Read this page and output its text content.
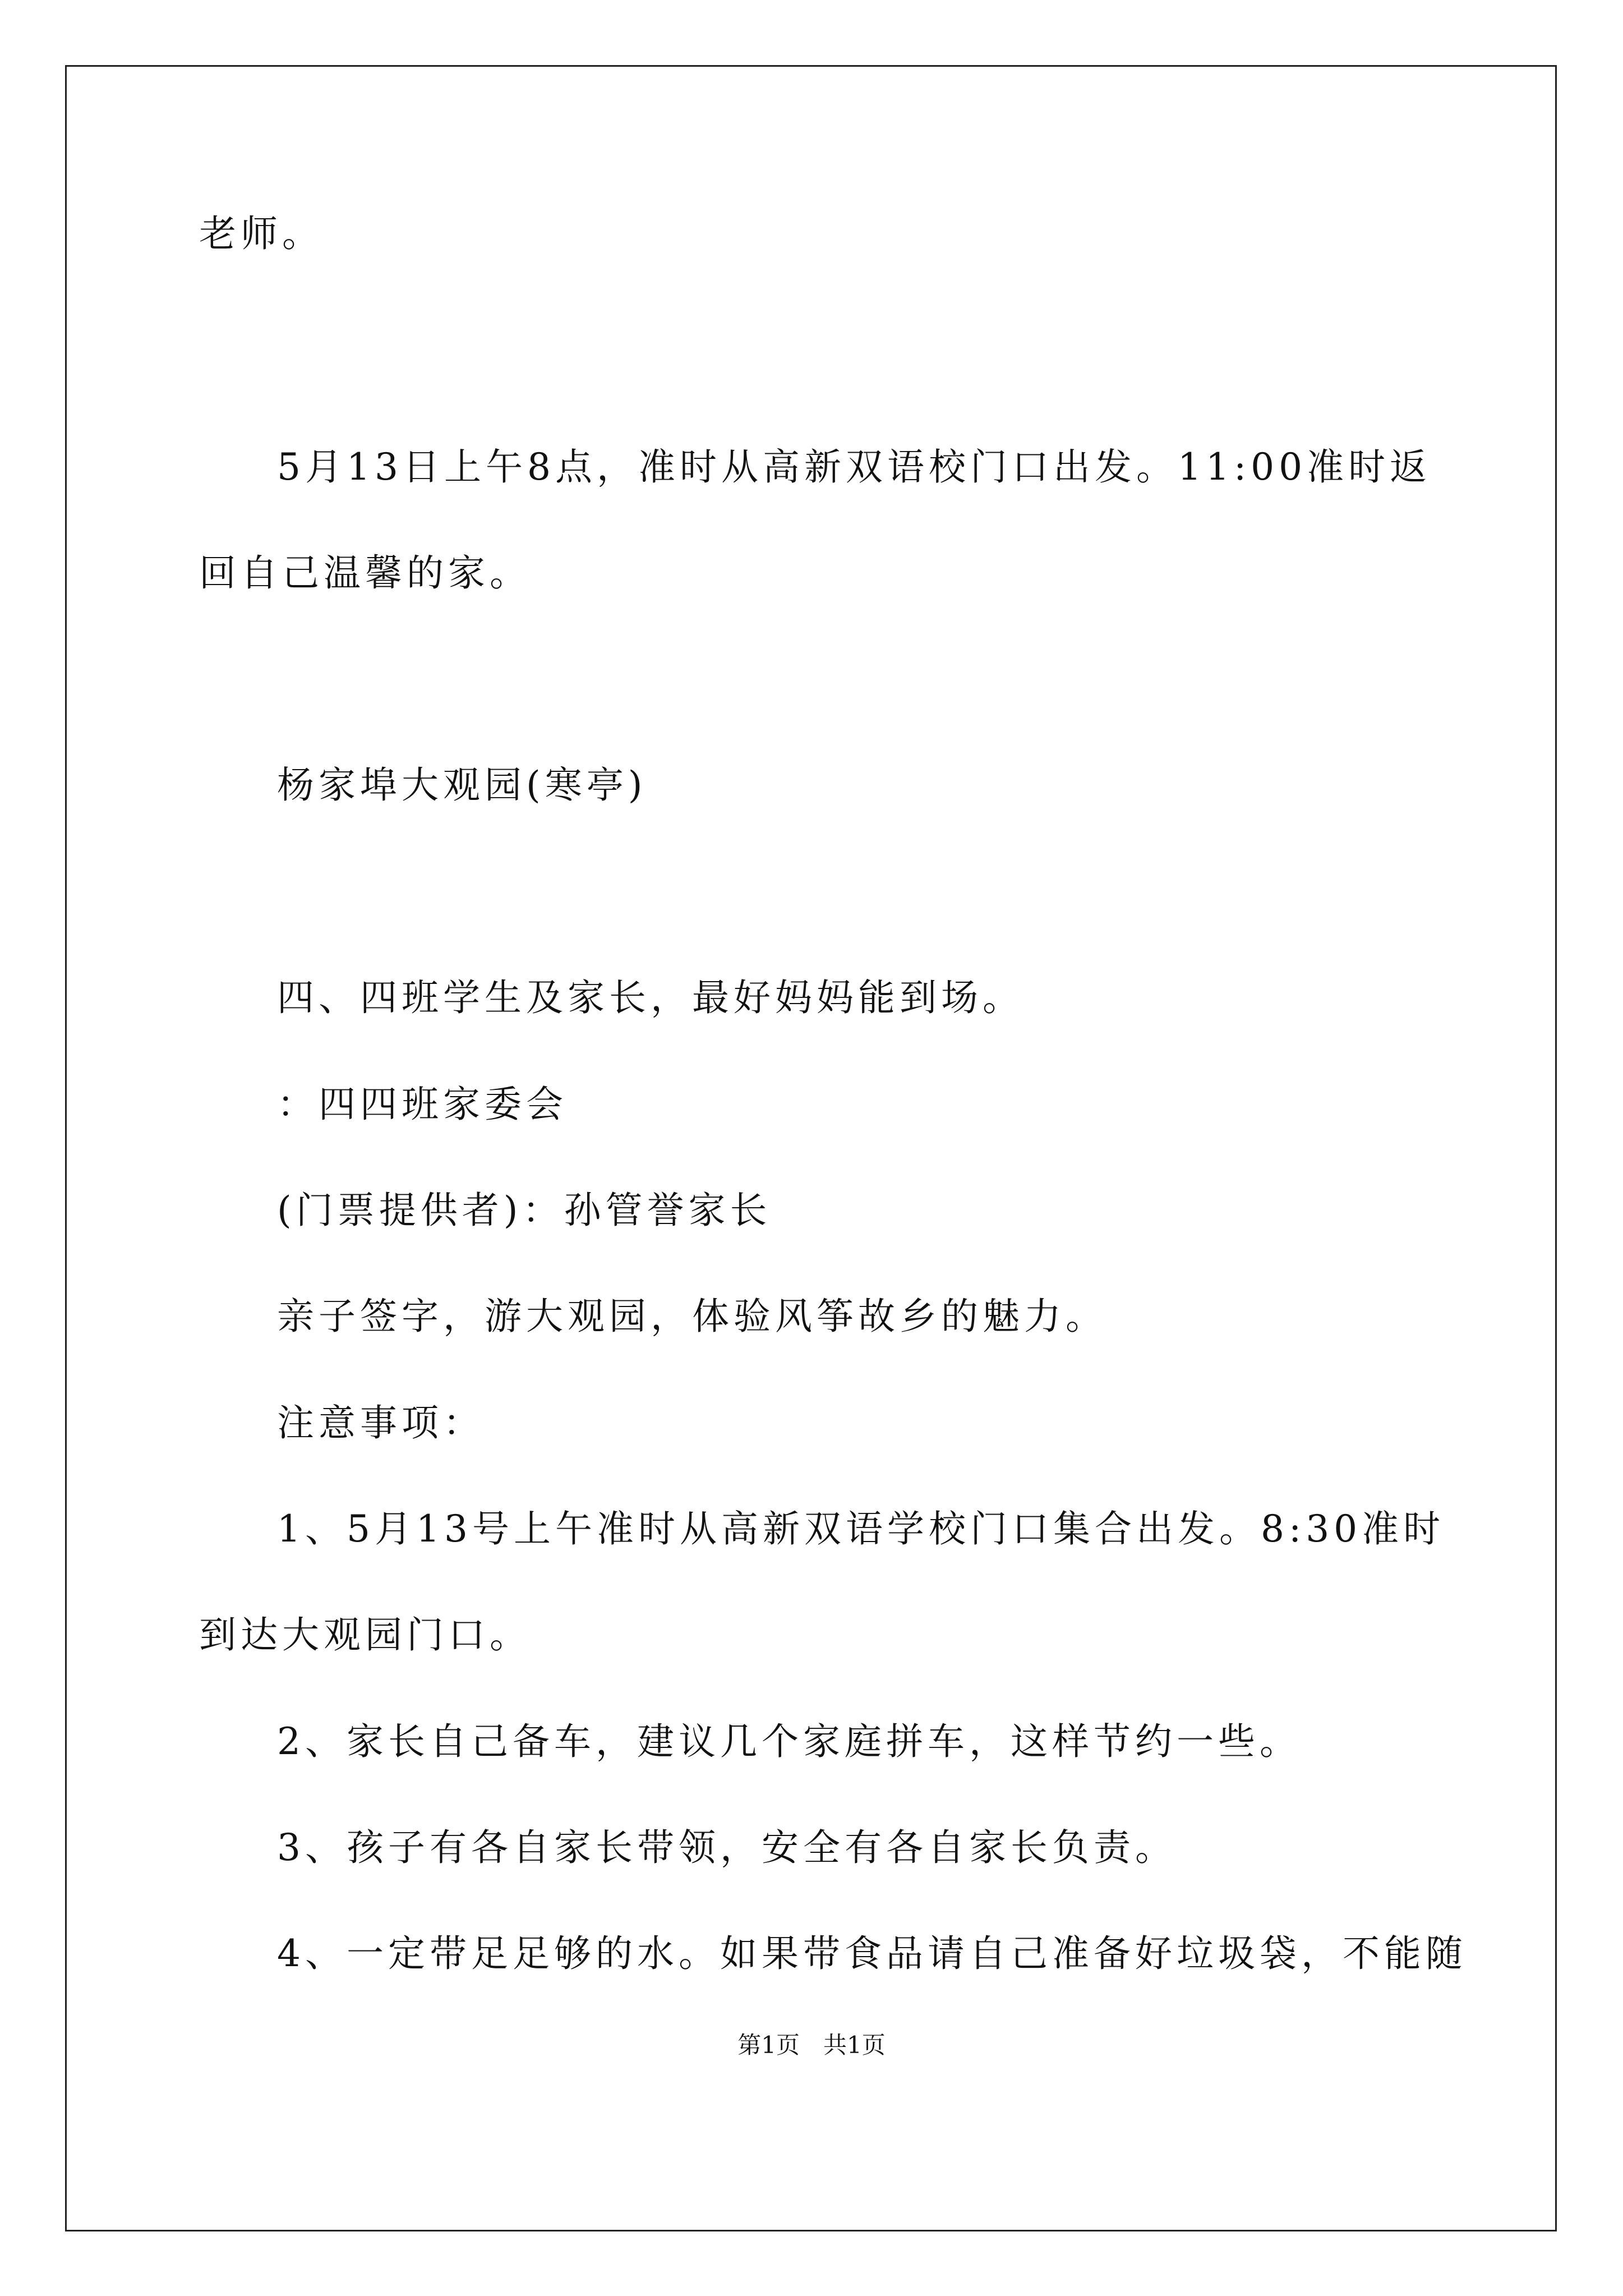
老师。
5月13日上午8点，准时从高新双语校门口出发。11:00准时返
回自己温馨的家。
杨家埠大观园(寒亭)
四、四班学生及家长，最好妈妈能到场。
：四四班家委会
(门票提供者)：孙管誉家长
亲子签字，游大观园，体验风筝故乡的魅力。
注意事项：
1、5月13号上午准时从高新双语学校门口集合出发。8:30准时
到达大观园门口。
2、家长自己备车，建议几个家庭拼车，这样节约一些。
3、孩子有各自家长带领，安全有各自家长负责。
4、一定带足足够的水。如果带食品请自己准备好垃圾袋，不能随
第1页　共1页
